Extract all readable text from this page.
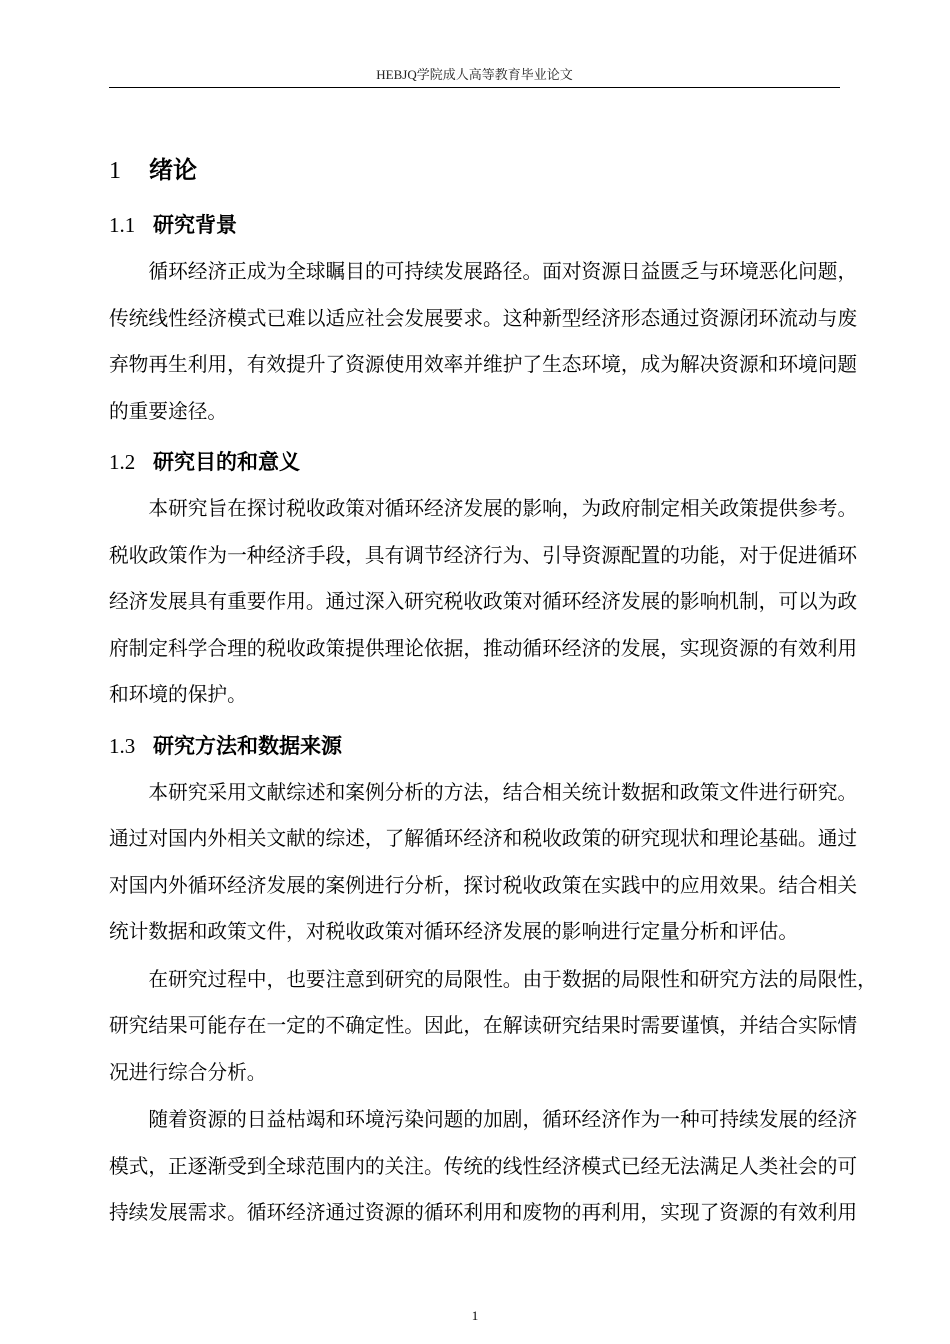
HEBJQ学院成人高等教育毕业论文
1 绪论
1.1 研究背景
循环经济正成为全球瞩目的可持续发展路径。面对资源日益匮乏与环境恶化问题，
传统线性经济模式已难以适应社会发展要求。这种新型经济形态通过资源闭环流动与废
弃物再生利用，有效提升了资源使用效率并维护了生态环境，成为解决资源和环境问题
的重要途径。
1.2 研究目的和意义
本研究旨在探讨税收政策对循环经济发展的影响，为政府制定相关政策提供参考。
税收政策作为一种经济手段，具有调节经济行为、引导资源配置的功能，对于促进循环
经济发展具有重要作用。通过深入研究税收政策对循环经济发展的影响机制，可以为政
府制定科学合理的税收政策提供理论依据，推动循环经济的发展，实现资源的有效利用
和环境的保护。
1.3 研究方法和数据来源
本研究采用文献综述和案例分析的方法，结合相关统计数据和政策文件进行研究。
通过对国内外相关文献的综述，了解循环经济和税收政策的研究现状和理论基础。通过
对国内外循环经济发展的案例进行分析，探讨税收政策在实践中的应用效果。结合相关
统计数据和政策文件，对税收政策对循环经济发展的影响进行定量分析和评估。
在研究过程中，也要注意到研究的局限性。由于数据的局限性和研究方法的局限性，
研究结果可能存在一定的不确定性。因此，在解读研究结果时需要谨慎，并结合实际情
况进行综合分析。
随着资源的日益枯竭和环境污染问题的加剧，循环经济作为一种可持续发展的经济
模式，正逐渐受到全球范围内的关注。传统的线性经济模式已经无法满足人类社会的可
持续发展需求。循环经济通过资源的循环利用和废物的再利用，实现了资源的有效利用
1
